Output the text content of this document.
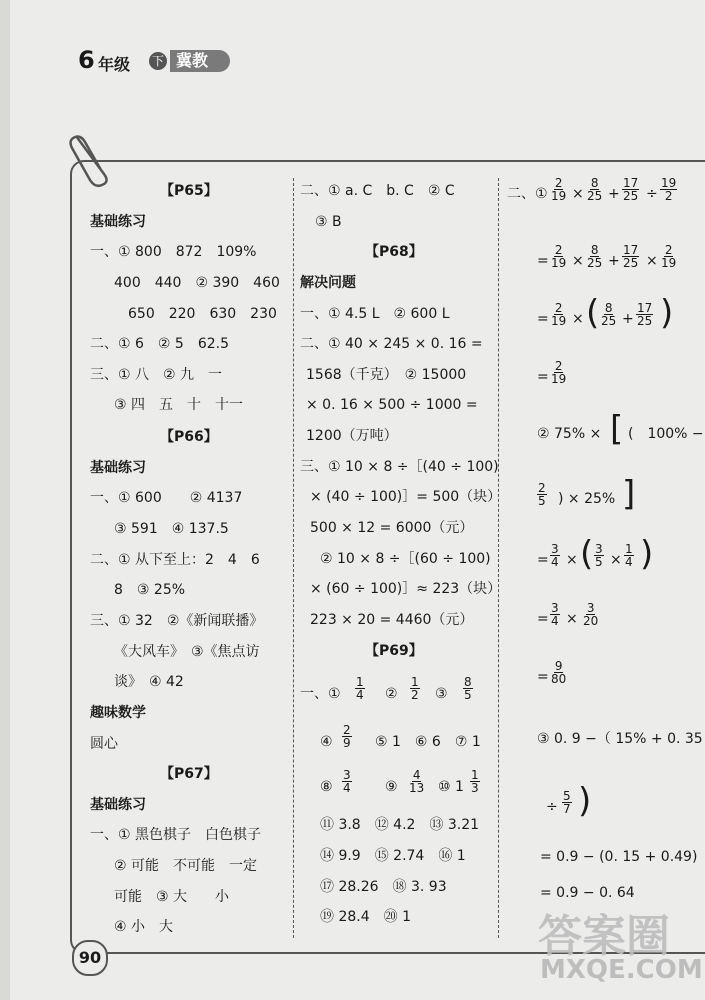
6 年级 下 冀教
【P65】
基础练习
一、① 800　872　109%
400　440　② 390　460
650　220　630　230
二、① 6　② 5　62.5
三、① 八　② 九　一
③ 四　五　十　十一
【P66】
基础练习
一、① 600　　② 4137
③ 591　④ 137.5
二、① 从下至上：2　4　6
8　③ 25%
三、① 32　②《新闻联播》
《大风车》　③《焦点访
谈》　④ 42
趣味数学
圆心
【P67】
基础练习
一、① 黑色棋子　白色棋子
② 可能　不可能　一定
可能　③ 大　　小
④ 小　大
二、① a. C　b. C　② C
③ B
【P68】
解决问题
一、① 4.5 L　② 600 L
二、① 40 × 245 × 0. 16 =
1568（千克）　② 15000
× 0. 16 × 500 ÷ 1000 =
1200（万吨）
三、① 10 × 8 ÷［(40 ÷ 100)
× (40 ÷ 100)］= 500（块）
500 × 12 = 6000（元）
② 10 × 8 ÷［(60 ÷ 100)
× (60 ÷ 100)］≈ 223（块）
223 × 20 = 4460（元）
【P69】
一、① $\frac{1}{4}$ ② $\frac{1}{2}$ ③ $\frac{8}{5}$
④ $\frac{2}{9}$ ⑤ 1　⑥ 6　⑦ 1
⑧ $\frac{3}{4}$ ⑨ $\frac{4}{13}$ ⑩ $1 \frac{1}{3}$
⑪ 3.8　⑫ 4.2　⑬ 3.21
⑭ 9.9　⑮ 2.74　⑯ 1
⑰ 28.26　⑱ 3. 93
⑲ 28.4　⑳ 1
二、① $\frac{2}{19} \times \frac{8}{25} + \frac{17}{25} \div \frac{19}{2}$
= $\frac{2}{19} \times \frac{8}{25} + \frac{17}{25} \times \frac{2}{19}$
= $\frac{2}{19}$ × ( $\frac{8}{25} + \frac{17}{25}$ )
= $\frac{2}{19}$
② 75% × [ (　100% −
$\frac{2}{5}$ ) × 25% ]
= $\frac{3}{4}$ × ( $\frac{3}{5} \times \frac{1}{4}$ )
= $\frac{3}{4} \times \frac{3}{20}$
= $\frac{9}{80}$
③ 0. 9 −（ 15% + 0. 35
÷ $\frac{5}{7}$ )
= 0.9 − (0. 15 + 0.49)
= 0.9 − 0. 64
90	答案圈
MXQE.COM
